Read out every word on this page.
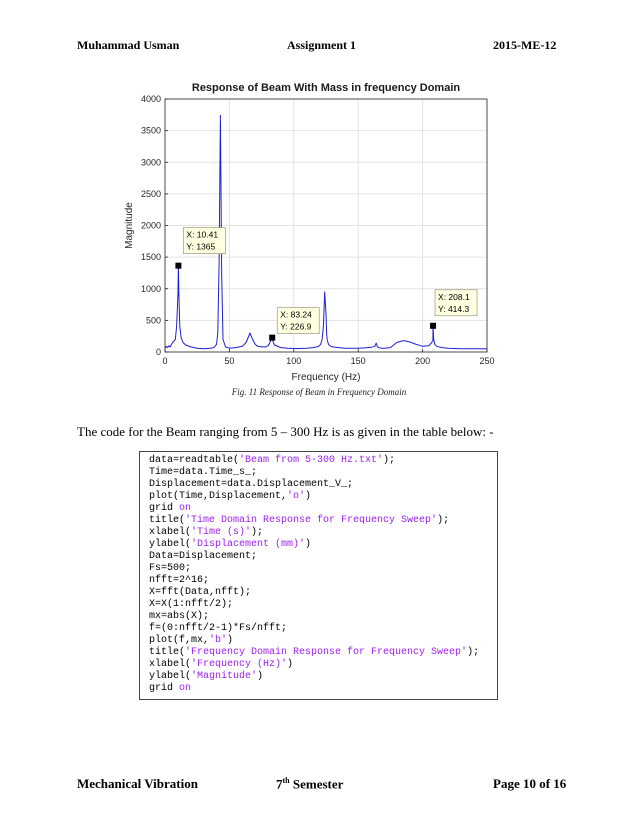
Muhammad Usman	Assignment 1	2015-ME-12
0	50	100	150	200	250
0
500
1000
1500
2000
2500
3000
3500
4000
Response of Beam With Mass in frequency Domain
Frequency (Hz)
Magnitude	X: 10.41
Y: 1365
X: 83.24
Y: 226.9
X: 208.1
Y: 414.3
Fig. 11 Response of Beam in Frequency Domain
The code for the Beam ranging from 5 – 300 Hz is as given in the table below: -
data=readtable('Beam from 5-300 Hz.txt');
Time=data.Time_s_;
Displacement=data.Displacement_V_;
plot(Time,Displacement,'o')
grid on
title('Time Domain Response for Frequency Sweep');
xlabel('Time (s)');
ylabel('Displacement (mm)')
Data=Displacement;
Fs=500;
nfft=2^16;
X=fft(Data,nfft);
X=X(1:nfft/2);
mx=abs(X);
f=(0:nfft/2-1)*Fs/nfft;
plot(f,mx,'b')
title('Frequency Domain Response for Frequency Sweep');
xlabel('Frequency (Hz)')
ylabel('Magnitude')
grid on
Mechanical Vibration	7th Semester	Page 10 of 16
